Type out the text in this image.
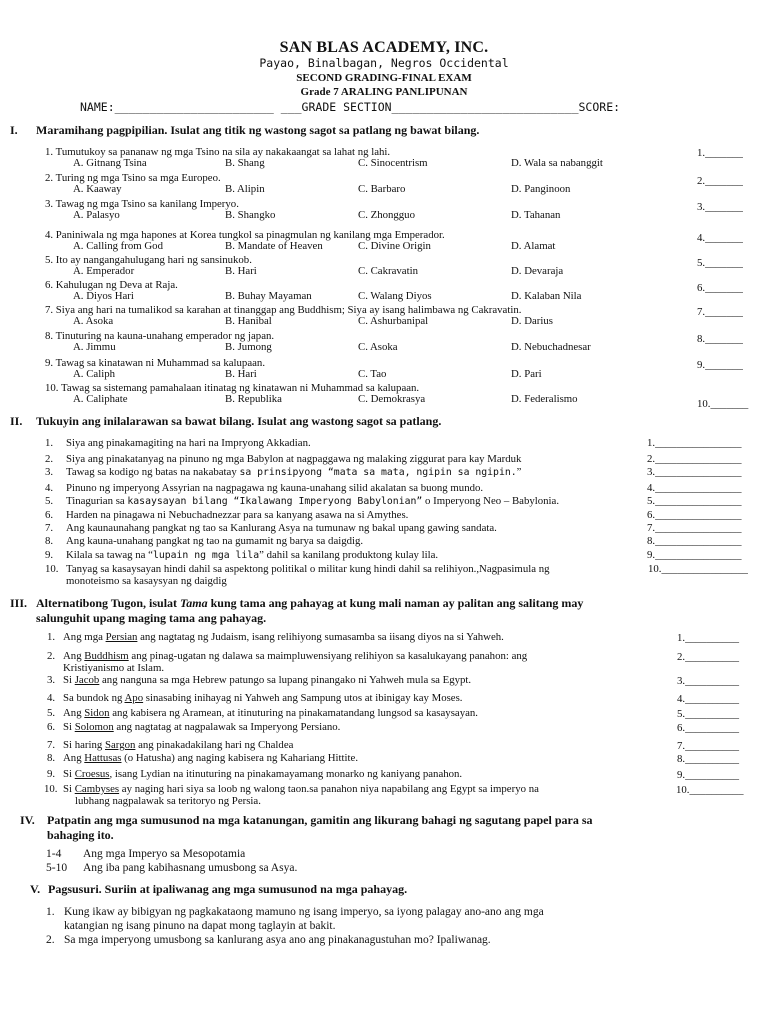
SAN BLAS ACADEMY, INC.
Payao, Binalbagan, Negros Occidental
SECOND GRADING-FINAL EXAM
Grade 7 ARALING PANLIPUNAN
NAME:_______________________ ___GRADE SECTION___________________________SCORE:
I. Maramihang pagpipilian. Isulat ang titik ng wastong sagot sa patlang ng bawat bilang.
1. Tumutukoy sa pananaw ng mga Tsino na sila ay nakakaangat sa lahat ng lahi.
A. Gitnang Tsina	B. Shang	C. Sinocentrism	D. Wala sa nabanggit
1._______
2. Turing ng mga Tsino sa mga Europeo.
A. Kaaway	B. Alipin	C. Barbaro	D. Panginoon
2._______
3. Tawag ng mga Tsino sa kanilang Imperyo.
A. Palasyo	B. Shangko	C. Zhongguo	D. Tahanan
3._______
4. Paniniwala ng mga hapones at Korea tungkol sa pinagmulan ng kanilang mga Emperador.
A. Calling from God	B. Mandate of Heaven	C. Divine Origin	D. Alamat
4._______
5. Ito ay nangangahulugang hari ng sansinukob.
A. Emperador	B. Hari	C. Cakravatin	D. Devaraja
5._______
6. Kahulugan ng Deva at Raja.
A. Diyos Hari	B. Buhay Mayaman	C. Walang Diyos	D. Kalaban Nila
6._______
7. Siya ang hari na tumalikod sa karahan at tinanggap ang Buddhism; Siya ay isang halimbawa ng Cakravatin.
A. Asoka	B. Hanibal	C. Ashurbanipal	D. Darius
7._______
8. Tinuturing na kauna-unahang emperador ng japan.
A. Jimmu	B. Jumong	C. Asoka	D. Nebuchadnesar
8._______
9. Tawag sa kinatawan ni Muhammad sa kalupaan.
A. Caliph	B. Hari	C. Tao	D. Pari
9._______
10. Tawag sa sistemang pamahalaan itinatag ng kinatawan ni Muhammad sa kalupaan.
A. Caliphate	B. Republika	C. Demokrasya	D. Federalismo	10._______
II. Tukuyin ang inilalarawan sa bawat bilang. Isulat ang wastong sagot sa patlang.
1. Siya ang pinakamagiting na hari na Impryong Akkadian.	1.________________
2. Siya ang pinakatanyag na pinuno ng mga Babylon at nagpaggawa ng malaking ziggurat para kay Marduk	2.________________
3. Tawag sa kodigo ng batas na nakabatay sa prinsipyong “mata sa mata, ngipin sa ngipin.”	3.________________
4. Pinuno ng imperyong Assyrian na nagpagawa ng kauna-unahang silid akalatan sa buong mundo.	4.________________
5. Tinagurian sa kasaysayan bilang “Ikalawang Imperyong Babylonian” o Imperyong Neo – Babylonia.	5.________________
6. Harden na pinagawa ni Nebuchadnezzar para sa kanyang asawa na si Amythes.	6.________________
7. Ang kaunaunahang pangkat ng tao sa Kanlurang Asya na tumunaw ng bakal upang gawing sandata.	7.________________
8. Ang kauna-unahang pangkat ng tao na gumamit ng barya sa daigdig.	8.________________
9. Kilala sa tawag na “lupain ng mga lila” dahil sa kanilang produktong kulay lila.	9.________________
10. Tanyag sa kasaysayan hindi dahil sa aspektong politikal o militar kung hindi dahil sa relihiyon.,Nagpasimula ng	10.________________
monoteismo sa kasaysyan ng daigdig
III. Alternatibong Tugon, isulat Tama kung tama ang pahayag at kung mali naman ay palitan ang salitang may
salunguhit upang maging tama ang pahayag.
1. Ang mga Persian ang nagtatag ng Judaism, isang relihiyong sumasamba sa iisang diyos na si Yahweh.	1.__________
2. Ang Buddhism ang pinag-ugatan ng dalawa sa maimpluwensiyang relihiyon sa kasalukayang panahon: ang	2.__________
Kristiyanismo at Islam.
3. Si Jacob ang nanguna sa mga Hebrew patungo sa lupang pinangako ni Yahweh mula sa Egypt.	3.__________
4. Sa bundok ng Apo sinasabing inihayag ni Yahweh ang Sampung utos at ibinigay kay Moses.	4.__________
5. Ang Sidon ang kabisera ng Aramean, at itinuturing na pinakamatandang lungsod sa kasaysayan.	5.__________
6. Si Solomon ang nagtatag at nagpalawak sa Imperyong Persiano.	6.__________
7. Si haring Sargon ang pinakadakilang hari ng Chaldea	7.__________
8. Ang Hattusas (o Hatusha) ang naging kabisera ng Kahariang Hittite.	8.__________
9. Si Croesus, isang Lydian na itinuturing na pinakamayamang monarko ng kaniyang panahon.	9.__________
10. Si Cambyses ay naging hari siya sa loob ng walong taon.sa panahon niya napabilang ang Egypt sa imperyo na	10.__________
lubhang nagpalawak sa teritoryo ng Persia.
IV. Patpatin ang mga sumusunod na mga katanungan, gamitin ang likurang bahagi ng sagutang papel para sa
bahaging ito.
1-4 Ang mga Imperyo sa Mesopotamia
5-10 Ang iba pang kabihasnang umusbong sa Asya.
V. Pagsusuri. Suriin at ipaliwanag ang mga sumusunod na mga pahayag.
1. Kung ikaw ay bibigyan ng pagkakataong mamuno ng isang imperyo, sa iyong palagay ano-ano ang mga
katangian ng isang pinuno na dapat mong taglayin at bakit.
2. Sa mga imperyong umusbong sa kanlurang asya ano ang pinakanagustuhan mo? Ipaliwanag.
